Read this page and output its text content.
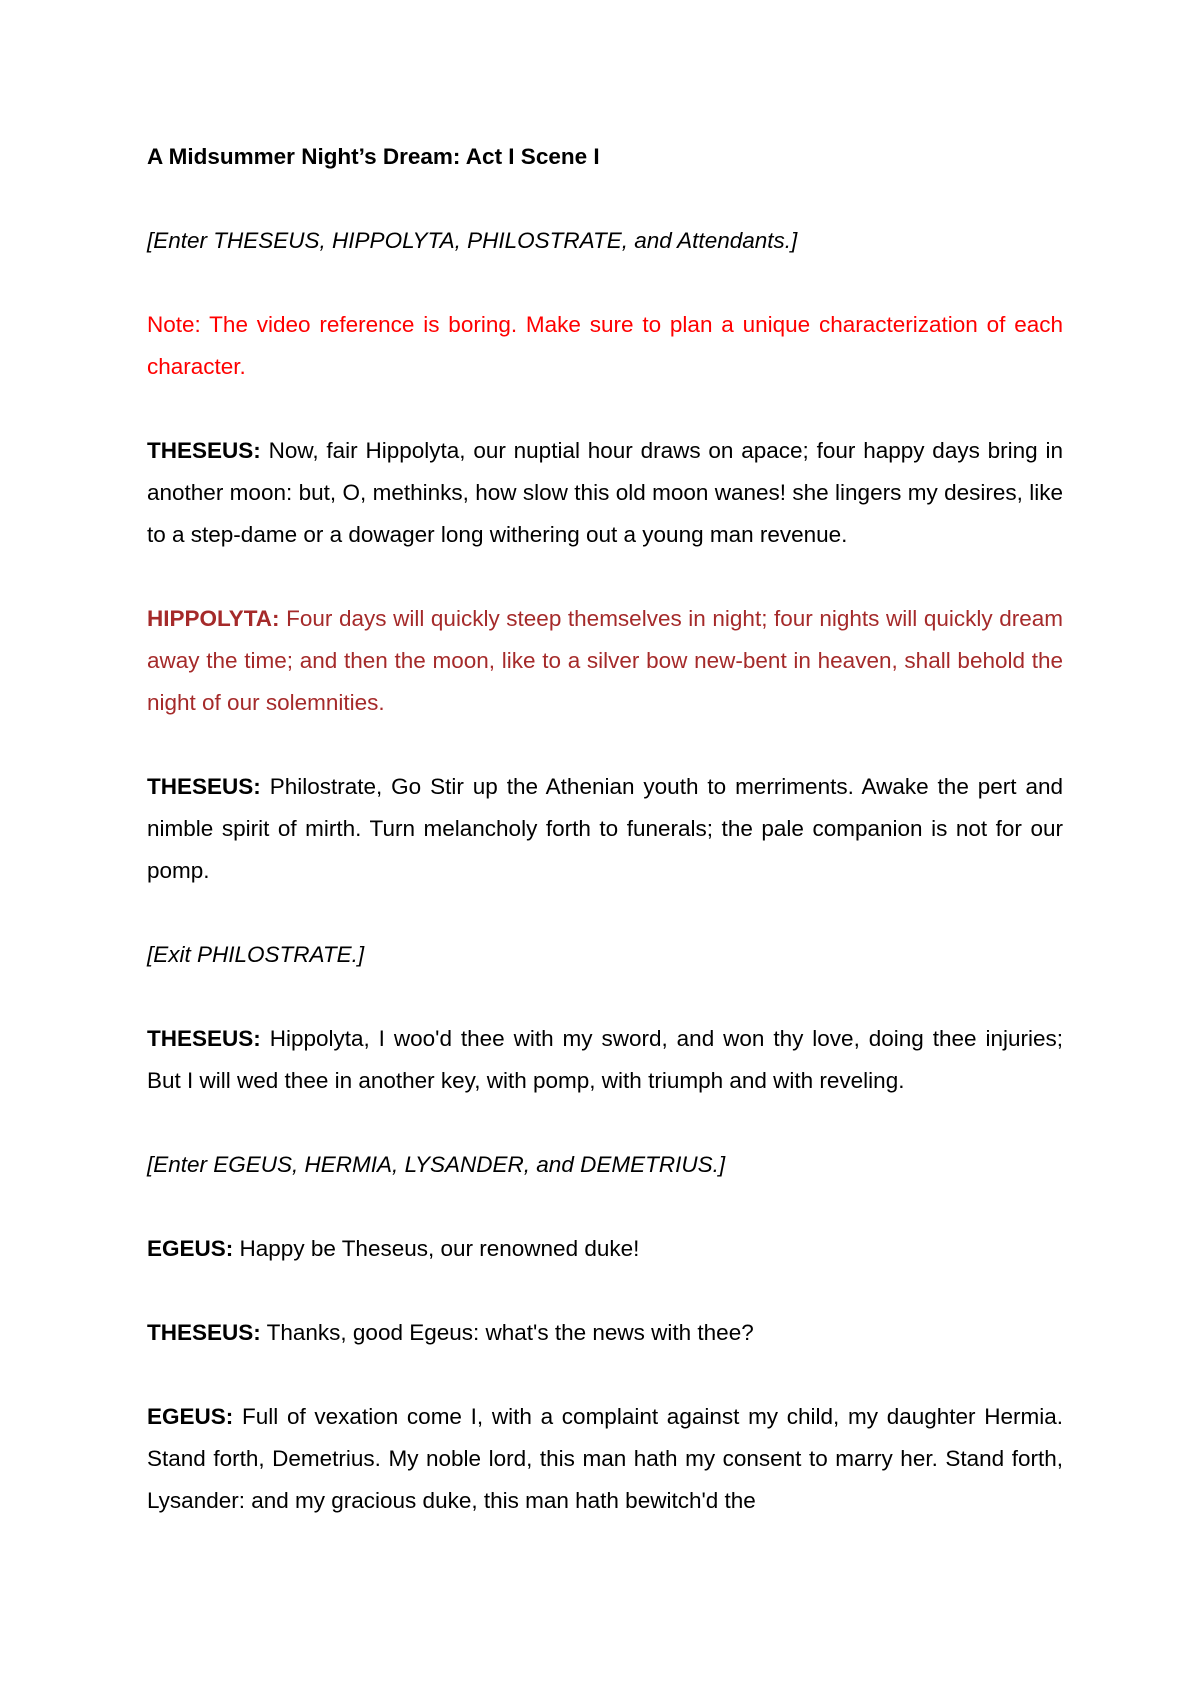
A Midsummer Night’s Dream: Act I Scene I

[Enter THESEUS, HIPPOLYTA, PHILOSTRATE, and Attendants.]

Note: The video reference is boring. Make sure to plan a unique characterization of each character.

THESEUS: Now, fair Hippolyta, our nuptial hour draws on apace; four happy days bring in another moon: but, O, methinks, how slow this old moon wanes! she lingers my desires, like to a step-dame or a dowager long withering out a young man revenue.

HIPPOLYTA: Four days will quickly steep themselves in night; four nights will quickly dream away the time; and then the moon, like to a silver bow new-bent in heaven, shall behold the night of our solemnities.

THESEUS: Philostrate, Go Stir up the Athenian youth to merriments. Awake the pert and nimble spirit of mirth. Turn melancholy forth to funerals; the pale companion is not for our pomp.

[Exit PHILOSTRATE.]

THESEUS: Hippolyta, I woo'd thee with my sword, and won thy love, doing thee injuries; But I will wed thee in another key, with pomp, with triumph and with reveling.

[Enter EGEUS, HERMIA, LYSANDER, and DEMETRIUS.]

EGEUS: Happy be Theseus, our renowned duke!

THESEUS: Thanks, good Egeus: what's the news with thee?

EGEUS: Full of vexation come I, with a complaint against my child, my daughter Hermia. Stand forth, Demetrius. My noble lord, this man hath my consent to marry her. Stand forth, Lysander: and my gracious duke, this man hath bewitch'd the
